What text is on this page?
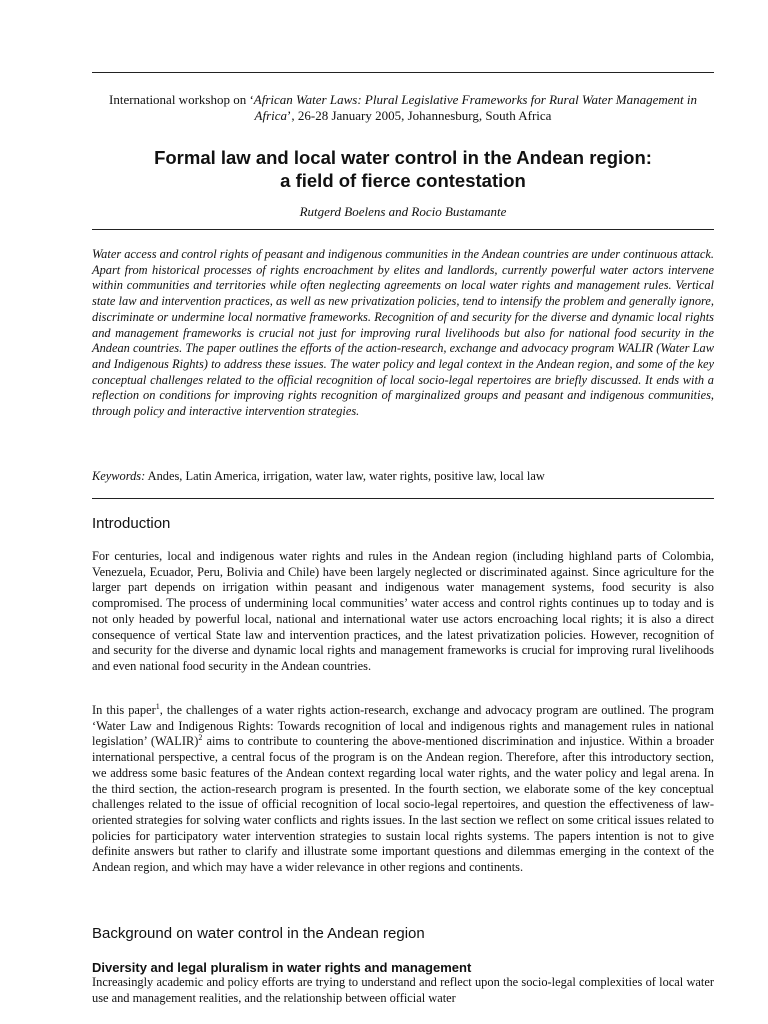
International workshop on ‘African Water Laws: Plural Legislative Frameworks for Rural Water Management in Africa’, 26-28 January 2005, Johannesburg, South Africa
Formal law and local water control in the Andean region:
a field of fierce contestation
Rutgerd Boelens and Rocio Bustamante
Water access and control rights of peasant and indigenous communities in the Andean countries are under continuous attack. Apart from historical processes of rights encroachment by elites and landlords, currently powerful water actors intervene within communities and territories while often neglecting agreements on local water rights and management rules. Vertical state law and intervention practices, as well as new privatization policies, tend to intensify the problem and generally ignore, discriminate or undermine local normative frameworks. Recognition of and security for the diverse and dynamic local rights and management frameworks is crucial not just for improving rural livelihoods but also for national food security in the Andean countries. The paper outlines the efforts of the action-research, exchange and advocacy program WALIR (Water Law and Indigenous Rights) to address these issues. The water policy and legal context in the Andean region, and some of the key conceptual challenges related to the official recognition of local socio-legal repertoires are briefly discussed. It ends with a reflection on conditions for improving rights recognition of marginalized groups and peasant and indigenous communities, through policy and interactive intervention strategies.
Keywords: Andes, Latin America, irrigation, water law, water rights, positive law, local law
Introduction
For centuries, local and indigenous water rights and rules in the Andean region (including highland parts of Colombia, Venezuela, Ecuador, Peru, Bolivia and Chile) have been largely neglected or discriminated against. Since agriculture for the larger part depends on irrigation within peasant and indigenous water management systems, food security is also compromised. The process of undermining local communities’ water access and control rights continues up to today and is not only headed by powerful local, national and international water use actors encroaching local rights; it is also a direct consequence of vertical State law and intervention practices, and the latest privatization policies. However, recognition of and security for the diverse and dynamic local rights and management frameworks is crucial for improving rural livelihoods and even national food security in the Andean countries.
In this paper$^1$, the challenges of a water rights action-research, exchange and advocacy program are outlined. The program ‘Water Law and Indigenous Rights: Towards recognition of local and indigenous rights and management rules in national legislation’ (WALIR)$^2$ aims to contribute to countering the above-mentioned discrimination and injustice. Within a broader international perspective, a central focus of the program is on the Andean region. Therefore, after this introductory section, we address some basic features of the Andean context regarding local water rights, and the water policy and legal arena. In the third section, the action-research program is presented. In the fourth section, we elaborate some of the key conceptual challenges related to the issue of official recognition of local socio-legal repertoires, and question the effectiveness of law-oriented strategies for solving water conflicts and rights issues. In the last section we reflect on some critical issues related to policies for participatory water intervention strategies to sustain local rights systems. The papers intention is not to give definite answers but rather to clarify and illustrate some important questions and dilemmas emerging in the context of the Andean region, and which may have a wider relevance in other regions and continents.
Background on water control in the Andean region
Diversity and legal pluralism in water rights and management
Increasingly academic and policy efforts are trying to understand and reflect upon the socio-legal complexities of local water use and management realities, and the relationship between official water
